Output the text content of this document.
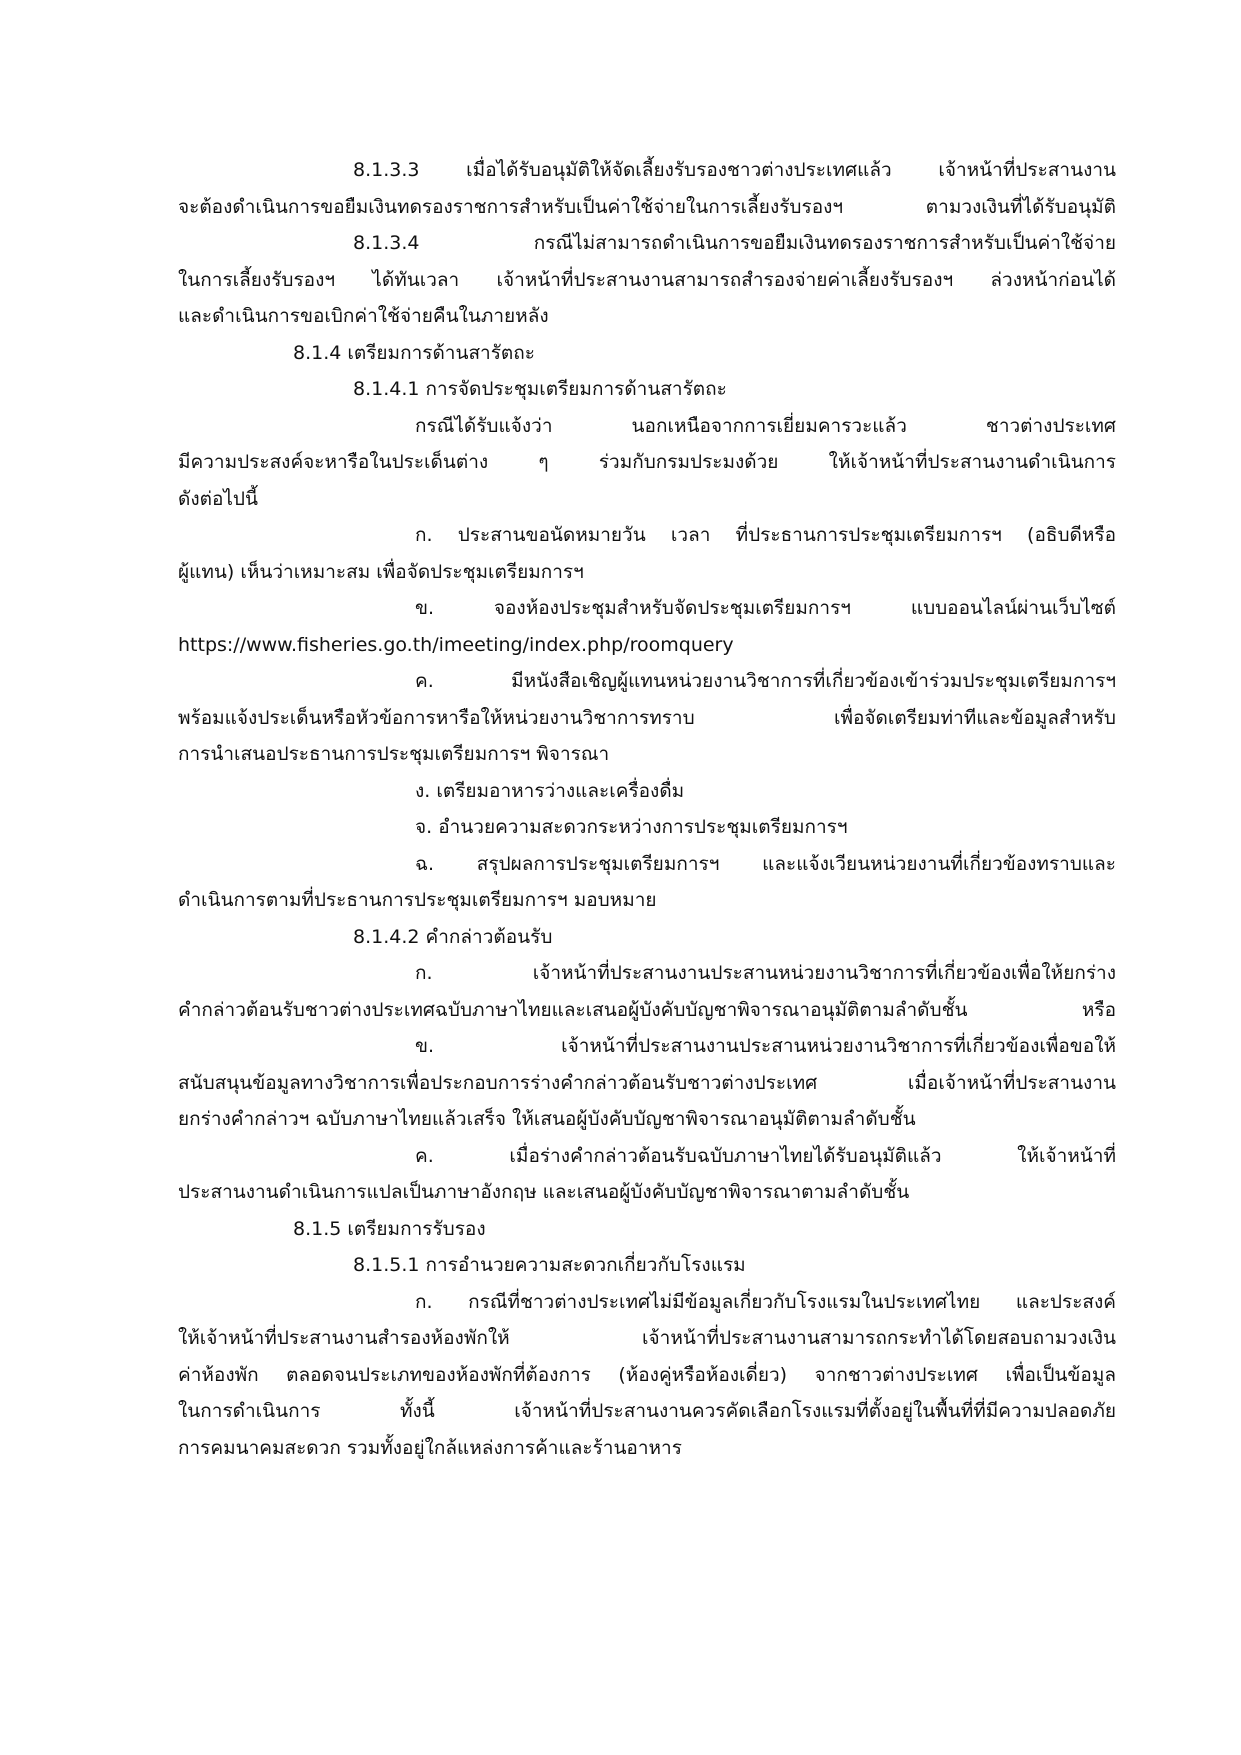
8.1.3.3 เมื่อได้รับอนุมัติให้จัดเลี้ยงรับรองชาวต่างประเทศแล้ว เจ้าหน้าที่ประสานงาน
จะต้องดำเนินการขอยืมเงินทดรองราชการสำหรับเป็นค่าใช้จ่ายในการเลี้ยงรับรองฯ ตามวงเงินที่ได้รับอนุมัติ
8.1.3.4 กรณีไม่สามารถดำเนินการขอยืมเงินทดรองราชการสำหรับเป็นค่าใช้จ่าย
ในการเลี้ยงรับรองฯ ได้ทันเวลา เจ้าหน้าที่ประสานงานสามารถสำรองจ่ายค่าเลี้ยงรับรองฯ ล่วงหน้าก่อนได้
และดำเนินการขอเบิกค่าใช้จ่ายคืนในภายหลัง
8.1.4 เตรียมการด้านสารัตถะ
8.1.4.1 การจัดประชุมเตรียมการด้านสารัตถะ
กรณีได้รับแจ้งว่า นอกเหนือจากการเยี่ยมคารวะแล้ว ชาวต่างประเทศ
มีความประสงค์จะหารือในประเด็นต่าง ๆ ร่วมกับกรมประมงด้วย ให้เจ้าหน้าที่ประสานงานดำเนินการ
ดังต่อไปนี้
ก. ประสานขอนัดหมายวัน เวลา ที่ประธานการประชุมเตรียมการฯ (อธิบดีหรือ
ผู้แทน) เห็นว่าเหมาะสม เพื่อจัดประชุมเตรียมการฯ
ข. จองห้องประชุมสำหรับจัดประชุมเตรียมการฯ แบบออนไลน์ผ่านเว็บไซต์
https://www.fisheries.go.th/imeeting/index.php/roomquery
ค. มีหนังสือเชิญผู้แทนหน่วยงานวิชาการที่เกี่ยวข้องเข้าร่วมประชุมเตรียมการฯ
พร้อมแจ้งประเด็นหรือหัวข้อการหารือให้หน่วยงานวิชาการทราบ เพื่อจัดเตรียมท่าทีและข้อมูลสำหรับ
การนำเสนอประธานการประชุมเตรียมการฯ พิจารณา
ง. เตรียมอาหารว่างและเครื่องดื่ม
จ. อำนวยความสะดวกระหว่างการประชุมเตรียมการฯ
ฉ. สรุปผลการประชุมเตรียมการฯ และแจ้งเวียนหน่วยงานที่เกี่ยวข้องทราบและ
ดำเนินการตามที่ประธานการประชุมเตรียมการฯ มอบหมาย
8.1.4.2 คำกล่าวต้อนรับ
ก. เจ้าหน้าที่ประสานงานประสานหน่วยงานวิชาการที่เกี่ยวข้องเพื่อให้ยกร่าง
คำกล่าวต้อนรับชาวต่างประเทศฉบับภาษาไทยและเสนอผู้บังคับบัญชาพิจารณาอนุมัติตามลำดับชั้น หรือ
ข. เจ้าหน้าที่ประสานงานประสานหน่วยงานวิชาการที่เกี่ยวข้องเพื่อขอให้
สนับสนุนข้อมูลทางวิชาการเพื่อประกอบการร่างคำกล่าวต้อนรับชาวต่างประเทศ เมื่อเจ้าหน้าที่ประสานงาน
ยกร่างคำกล่าวฯ ฉบับภาษาไทยแล้วเสร็จ ให้เสนอผู้บังคับบัญชาพิจารณาอนุมัติตามลำดับชั้น
ค. เมื่อร่างคำกล่าวต้อนรับฉบับภาษาไทยได้รับอนุมัติแล้ว ให้เจ้าหน้าที่
ประสานงานดำเนินการแปลเป็นภาษาอังกฤษ และเสนอผู้บังคับบัญชาพิจารณาตามลำดับชั้น
8.1.5 เตรียมการรับรอง
8.1.5.1 การอำนวยความสะดวกเกี่ยวกับโรงแรม
ก. กรณีที่ชาวต่างประเทศไม่มีข้อมูลเกี่ยวกับโรงแรมในประเทศไทย และประสงค์
ให้เจ้าหน้าที่ประสานงานสำรองห้องพักให้ เจ้าหน้าที่ประสานงานสามารถกระทำได้โดยสอบถามวงเงิน
ค่าห้องพัก ตลอดจนประเภทของห้องพักที่ต้องการ (ห้องคู่หรือห้องเดี่ยว) จากชาวต่างประเทศ เพื่อเป็นข้อมูล
ในการดำเนินการ ทั้งนี้ เจ้าหน้าที่ประสานงานควรคัดเลือกโรงแรมที่ตั้งอยู่ในพื้นที่ที่มีความปลอดภัย
การคมนาคมสะดวก รวมทั้งอยู่ใกล้แหล่งการค้าและร้านอาหาร
